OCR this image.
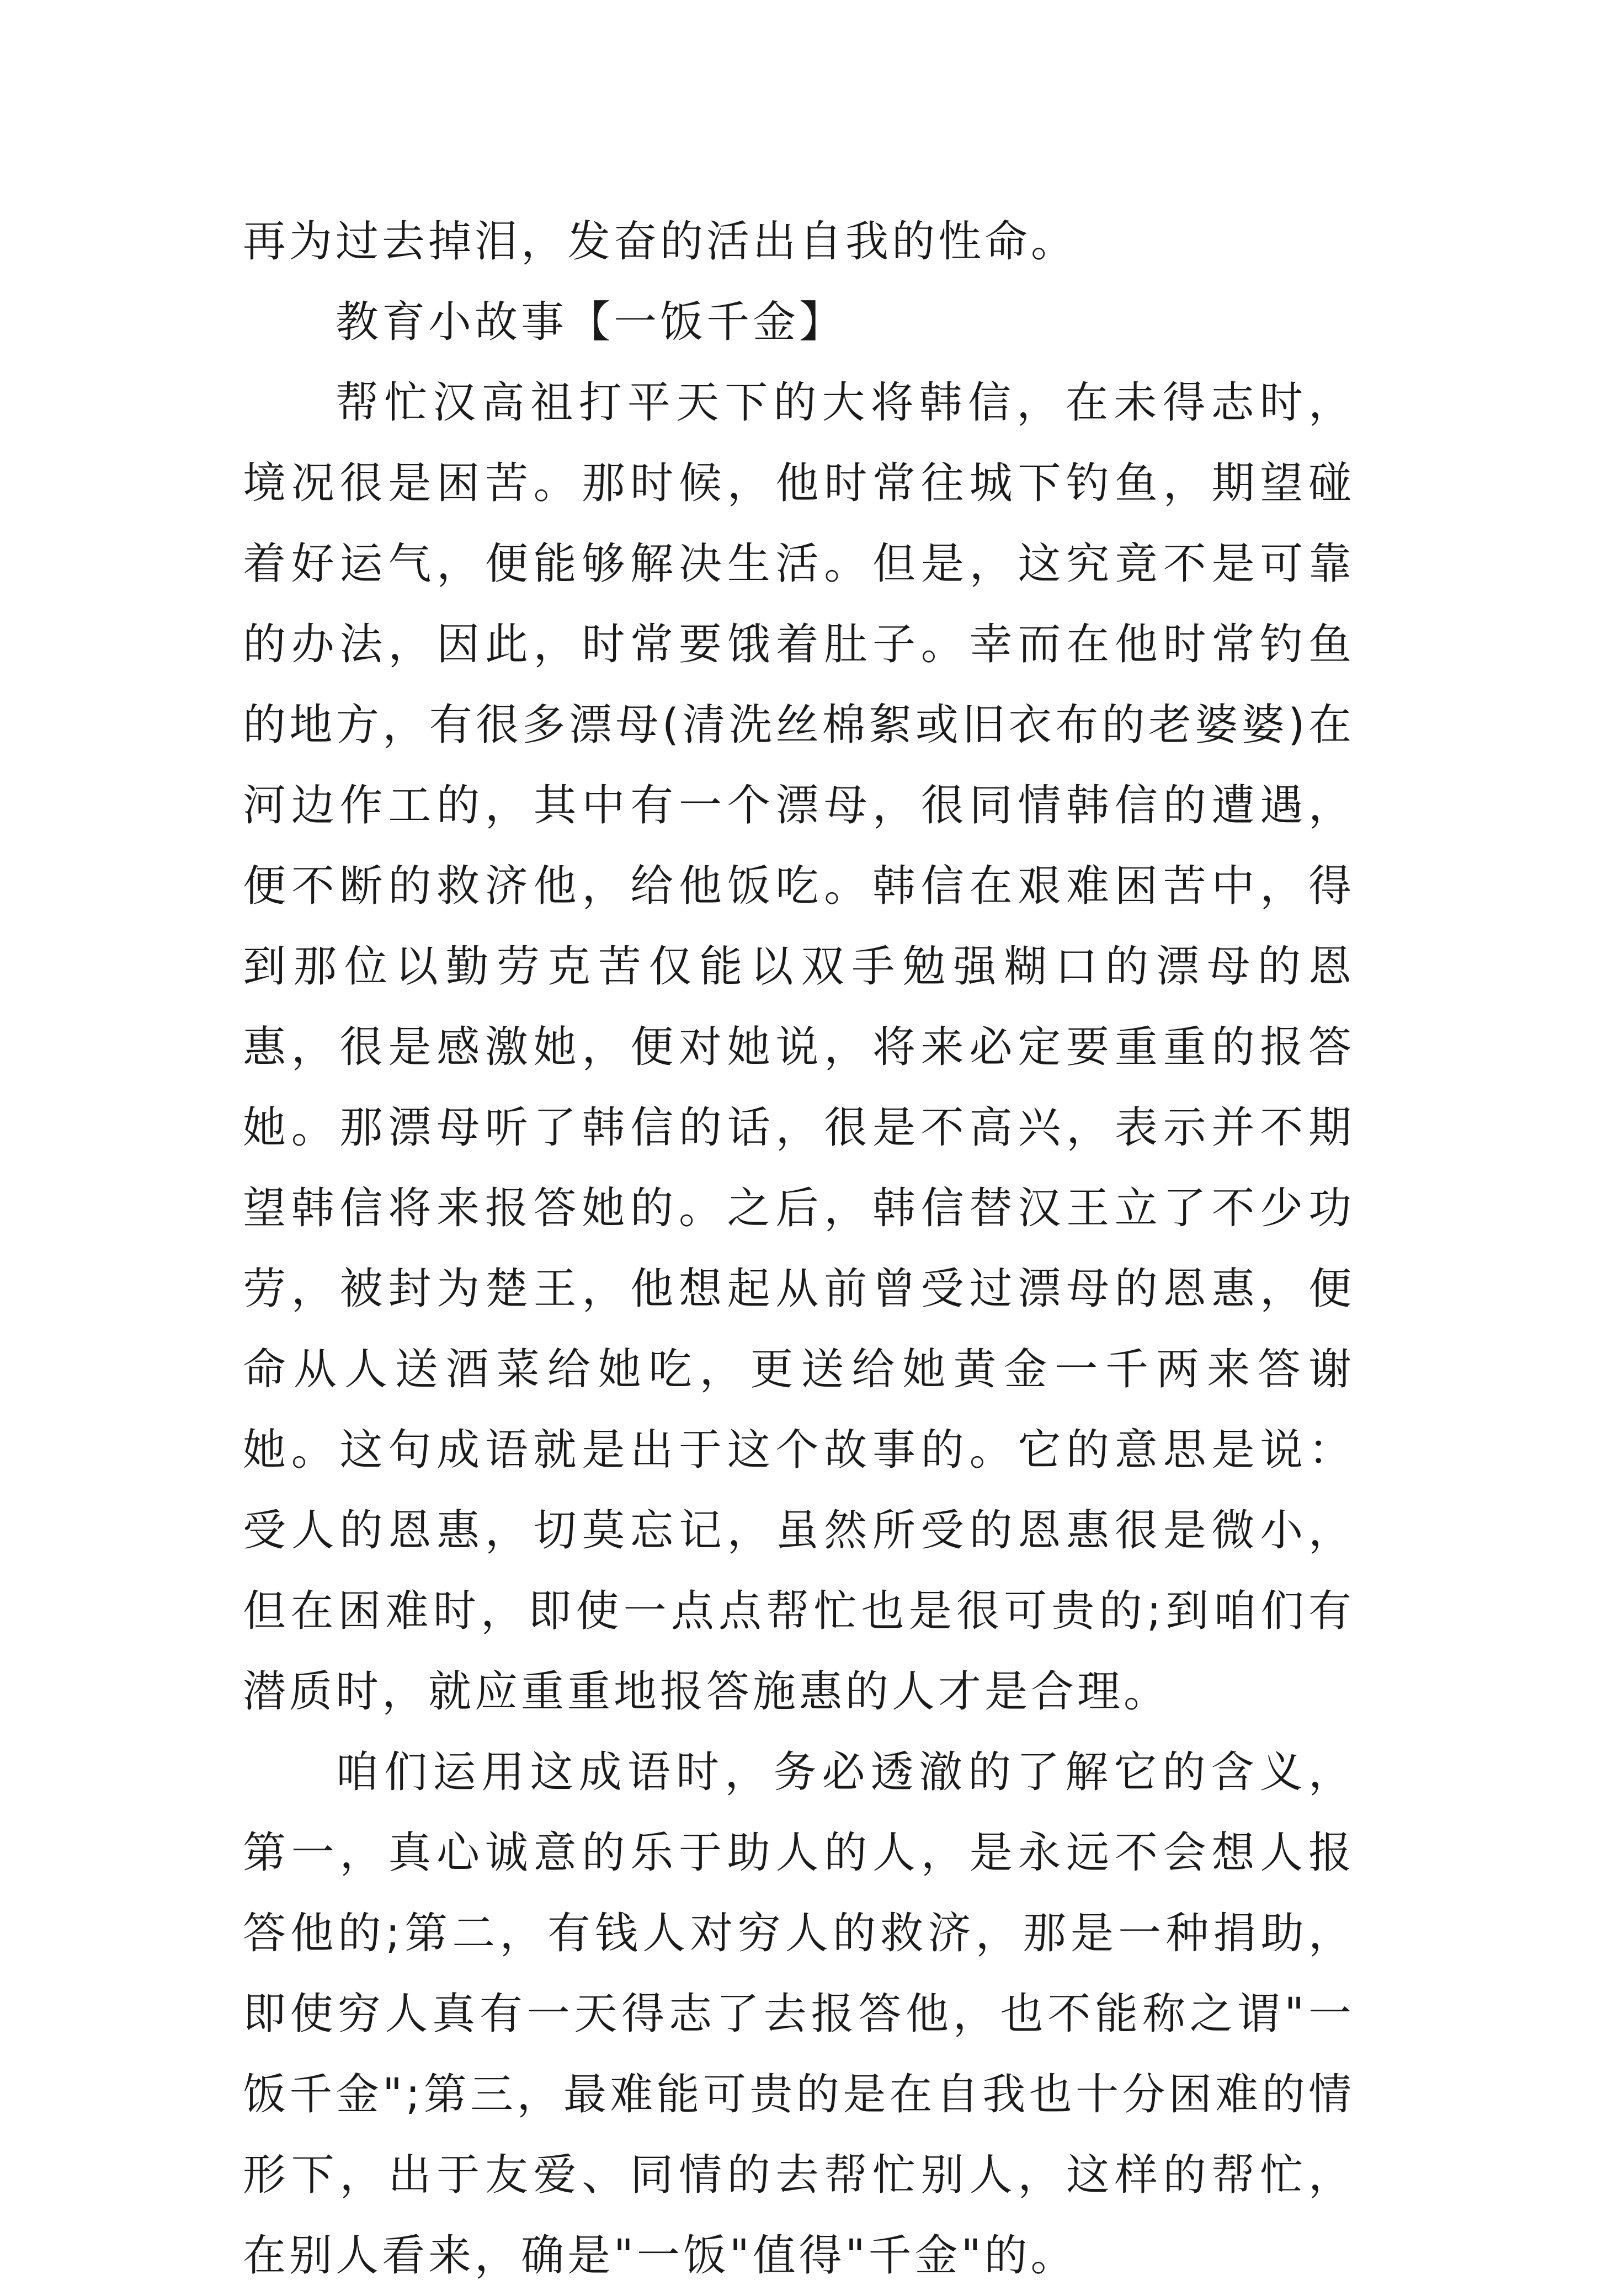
再为过去掉泪，发奋的活出自我的性命。

教育小故事【一饭千金】

帮忙汉高祖打平天下的大将韩信，在未得志时，境况很是困苦。那时候，他时常往城下钓鱼，期望碰着好运气，便能够解决生活。但是，这究竟不是可靠的办法，因此，时常要饿着肚子。幸而在他时常钓鱼的地方，有很多漂母(清洗丝棉絮或旧衣布的老婆婆)在河边作工的，其中有一个漂母，很同情韩信的遭遇，便不断的救济他，给他饭吃。韩信在艰难困苦中，得到那位以勤劳克苦仅能以双手勉强糊口的漂母的恩惠，很是感激她，便对她说，将来必定要重重的报答她。那漂母听了韩信的话，很是不高兴，表示并不期望韩信将来报答她的。之后，韩信替汉王立了不少功劳，被封为楚王，他想起从前曾受过漂母的恩惠，便命从人送酒菜给她吃，更送给她黄金一千两来答谢她。这句成语就是出于这个故事的。它的意思是说：受人的恩惠，切莫忘记，虽然所受的恩惠很是微小，但在困难时，即使一点点帮忙也是很可贵的;到咱们有潜质时，就应重重地报答施惠的人才是合理。

咱们运用这成语时，务必透澈的了解它的含义，第一，真心诚意的乐于助人的人，是永远不会想人报答他的;第二，有钱人对穷人的救济，那是一种捐助，即使穷人真有一天得志了去报答他，也不能称之谓"一饭千金";第三，最难能可贵的是在自我也十分困难的情形下，出于友爱、同情的去帮忙别人，这样的帮忙，在别人看来，确是"一饭"值得"千金"的。
